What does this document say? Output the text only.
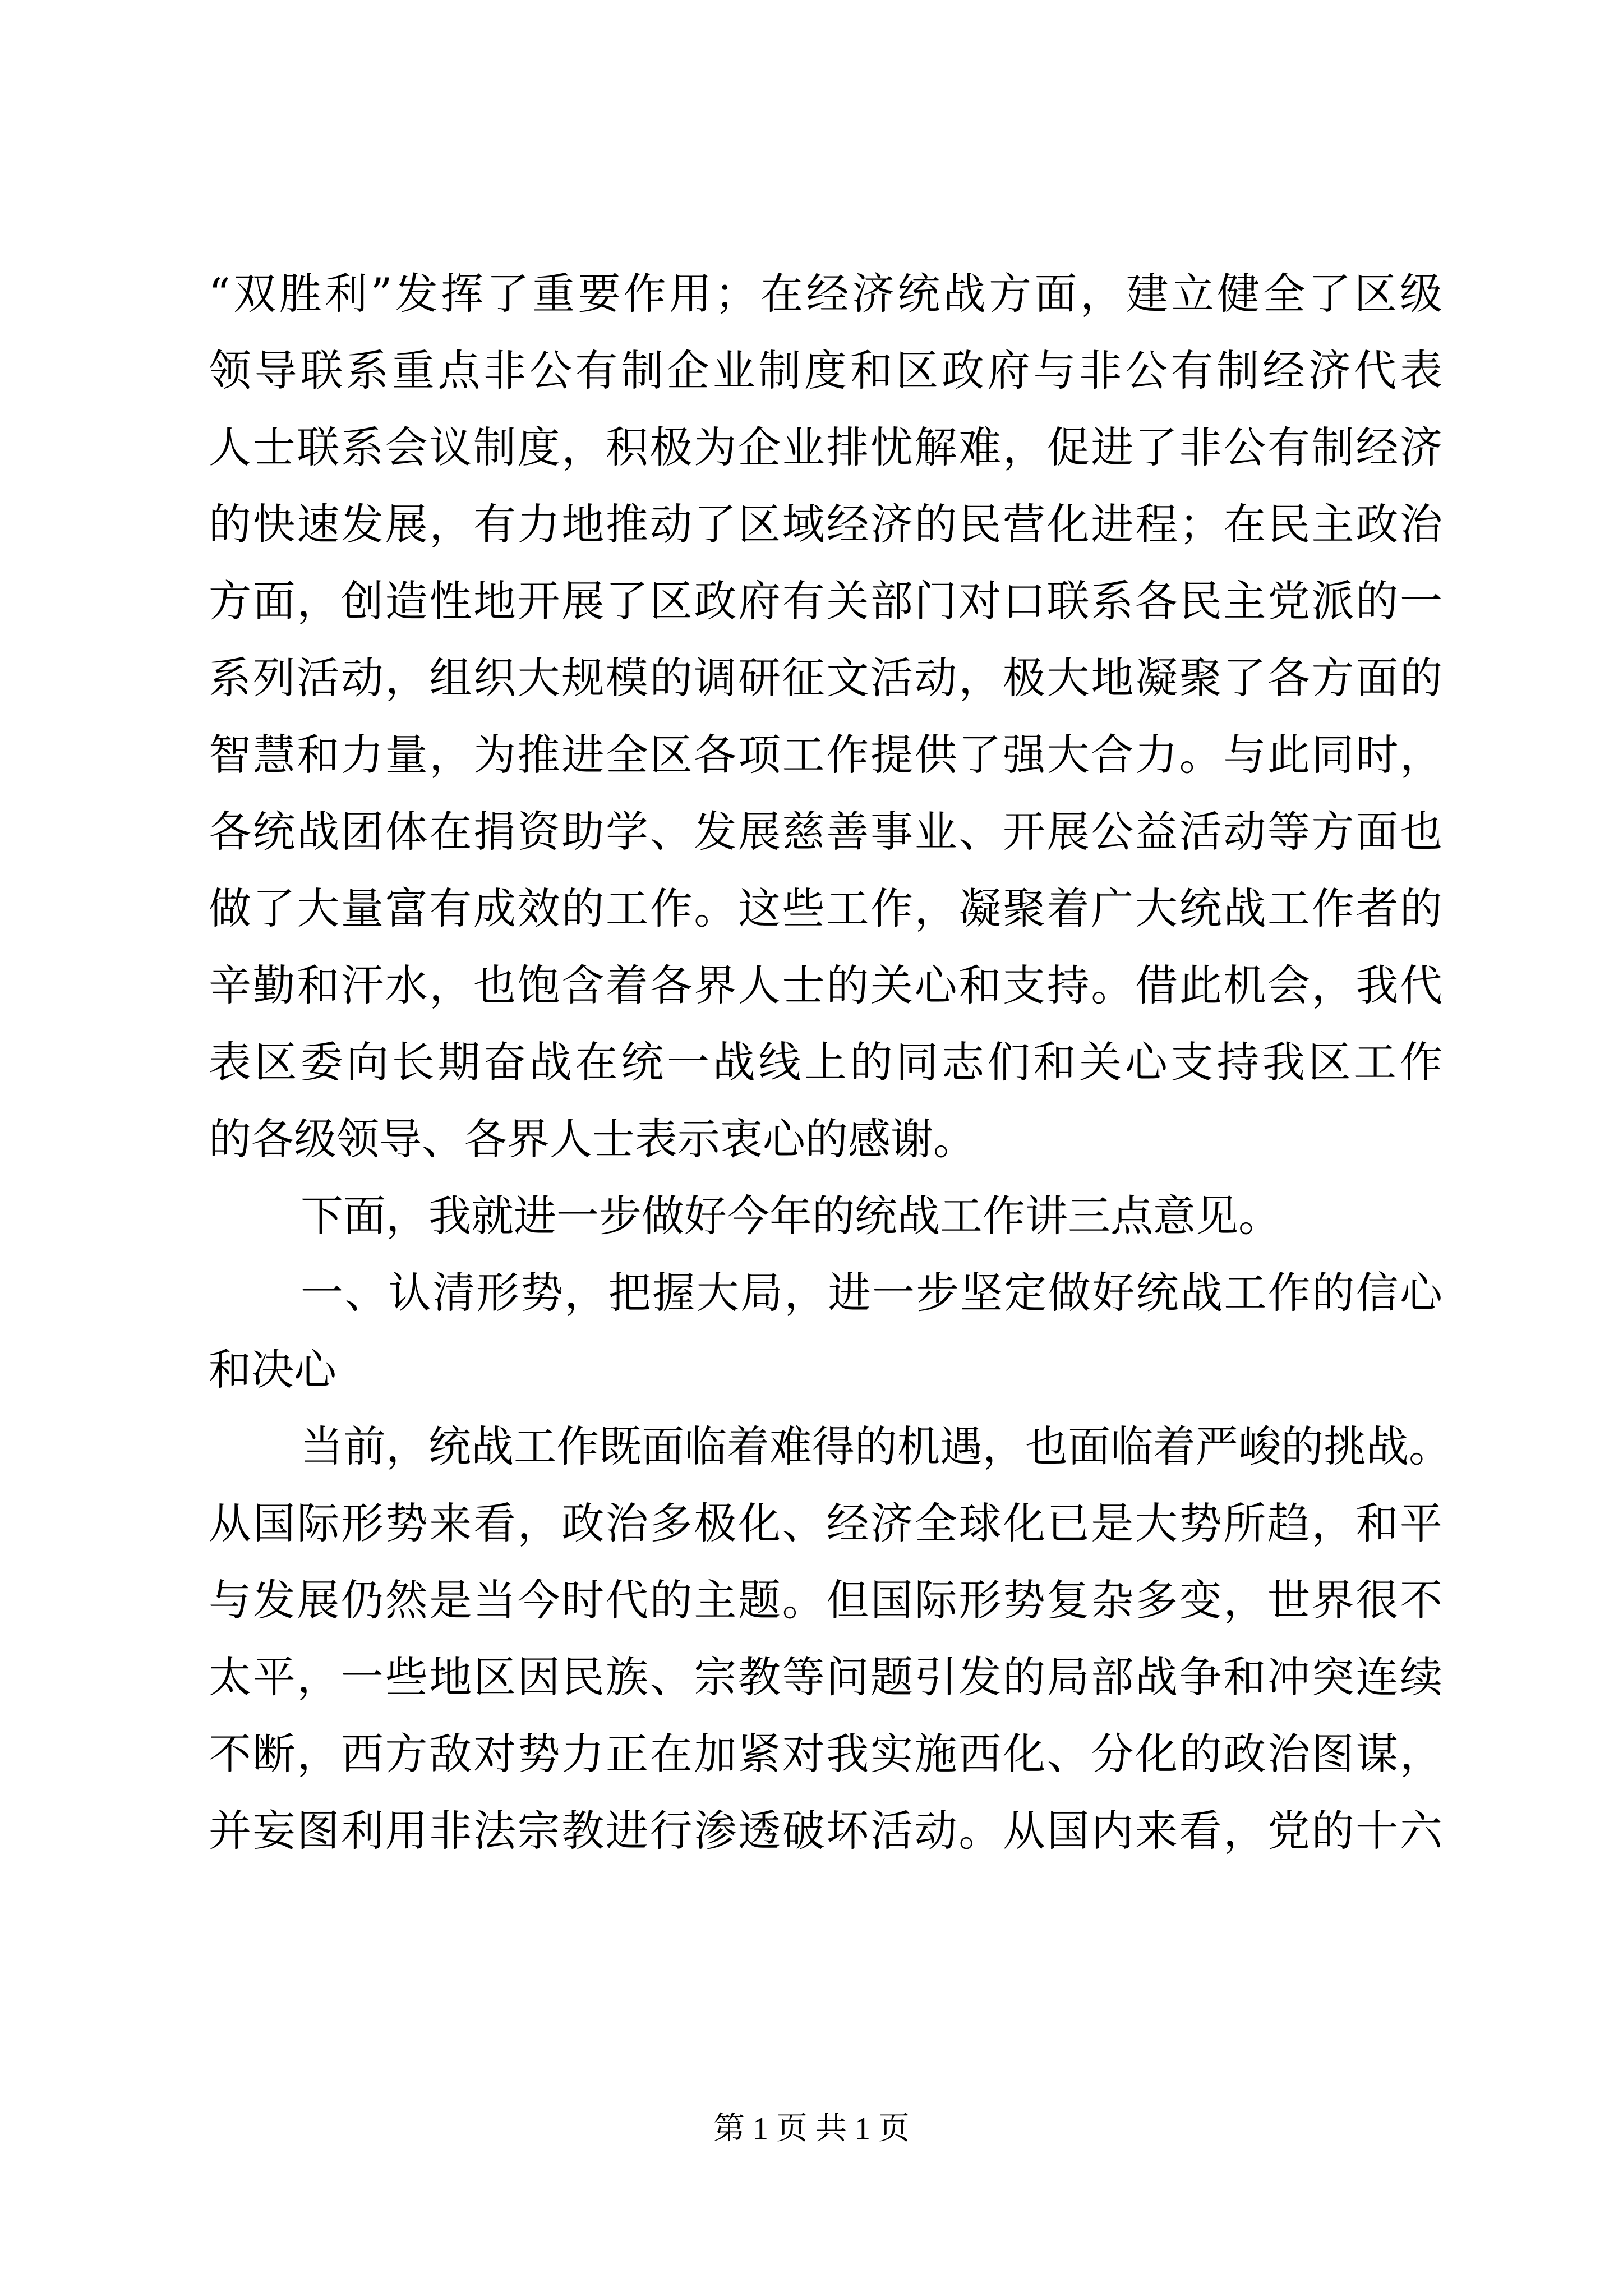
“双胜利”发挥了重要作用；在经济统战方面，建立健全了区级
领导联系重点非公有制企业制度和区政府与非公有制经济代表
人士联系会议制度，积极为企业排忧解难，促进了非公有制经济
的快速发展，有力地推动了区域经济的民营化进程；在民主政治
方面，创造性地开展了区政府有关部门对口联系各民主党派的一
系列活动，组织大规模的调研征文活动，极大地凝聚了各方面的
智慧和力量，为推进全区各项工作提供了强大合力。与此同时，
各统战团体在捐资助学、发展慈善事业、开展公益活动等方面也
做了大量富有成效的工作。这些工作，凝聚着广大统战工作者的
辛勤和汗水，也饱含着各界人士的关心和支持。借此机会，我代
表区委向长期奋战在统一战线上的同志们和关心支持我区工作
的各级领导、各界人士表示衷心的感谢。
下面，我就进一步做好今年的统战工作讲三点意见。
一、认清形势，把握大局，进一步坚定做好统战工作的信心
和决心
当前，统战工作既面临着难得的机遇，也面临着严峻的挑战。
从国际形势来看，政治多极化、经济全球化已是大势所趋，和平
与发展仍然是当今时代的主题。但国际形势复杂多变，世界很不
太平，一些地区因民族、宗教等问题引发的局部战争和冲突连续
不断，西方敌对势力正在加紧对我实施西化、分化的政治图谋，
并妄图利用非法宗教进行渗透破坏活动。从国内来看，党的十六
第 1 页 共 1 页
